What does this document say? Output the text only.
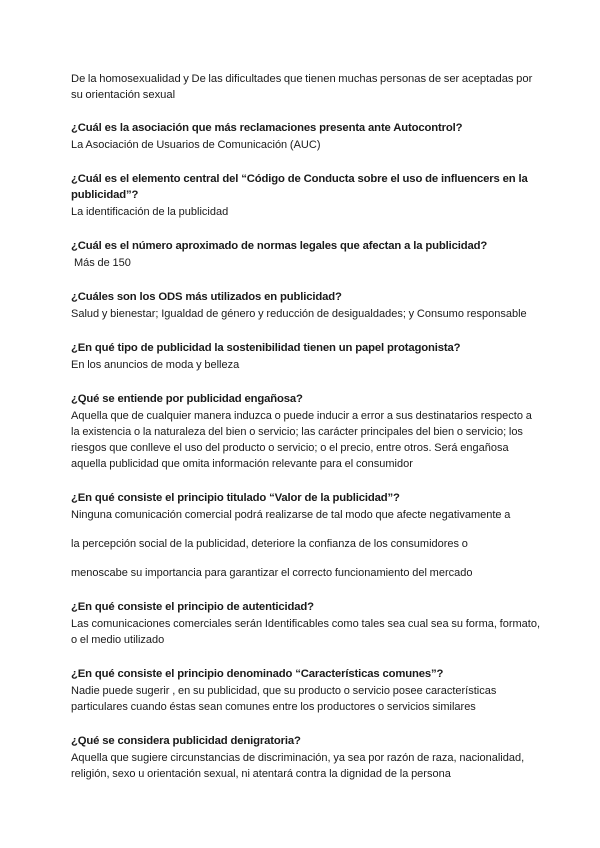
De la homosexualidad y De las dificultades que tienen muchas personas de ser aceptadas por su orientación sexual

¿Cuál es la asociación que más reclamaciones presenta ante Autocontrol?

La Asociación de Usuarios de Comunicación (AUC)

¿Cuál es el elemento central del “Código de Conducta sobre el uso de influencers en la publicidad”?

La identificación de la publicidad

¿Cuál es el número aproximado de normas legales que afectan a la publicidad?

Más de 150

¿Cuáles son los ODS más utilizados en publicidad?

Salud y bienestar; Igualdad de género y reducción de desigualdades; y Consumo responsable

¿En qué tipo de publicidad la sostenibilidad tienen un papel protagonista?

En los anuncios de moda y belleza

¿Qué se entiende por publicidad engañosa?

Aquella que de cualquier manera induzca o puede inducir a error a sus destinatarios respecto a la existencia o la naturaleza del bien o servicio; las carácter principales del bien o servicio; los riesgos que conlleve el uso del producto o servicio; o el precio, entre otros. Será engañosa aquella publicidad que omita información relevante para el consumidor

¿En qué consiste el principio titulado “Valor de la publicidad”?

Ninguna comunicación comercial podrá realizarse de tal modo que afecte negativamente a
la percepción social de la publicidad, deteriore la confianza de los consumidores o
menoscabe su importancia para garantizar el correcto funcionamiento del mercado

¿En qué consiste el principio de autenticidad?

Las comunicaciones comerciales serán Identificables como tales sea cual sea su forma, formato, o el medio utilizado

¿En qué consiste el principio denominado “Características comunes”?

Nadie puede sugerir , en su publicidad, que su producto o servicio posee características particulares cuando éstas sean comunes entre los productores o servicios similares

¿Qué se considera publicidad denigratoria?

Aquella que sugiere circunstancias de discriminación, ya sea por razón de raza, nacionalidad, religión, sexo u orientación sexual, ni atentará contra la dignidad de la persona
